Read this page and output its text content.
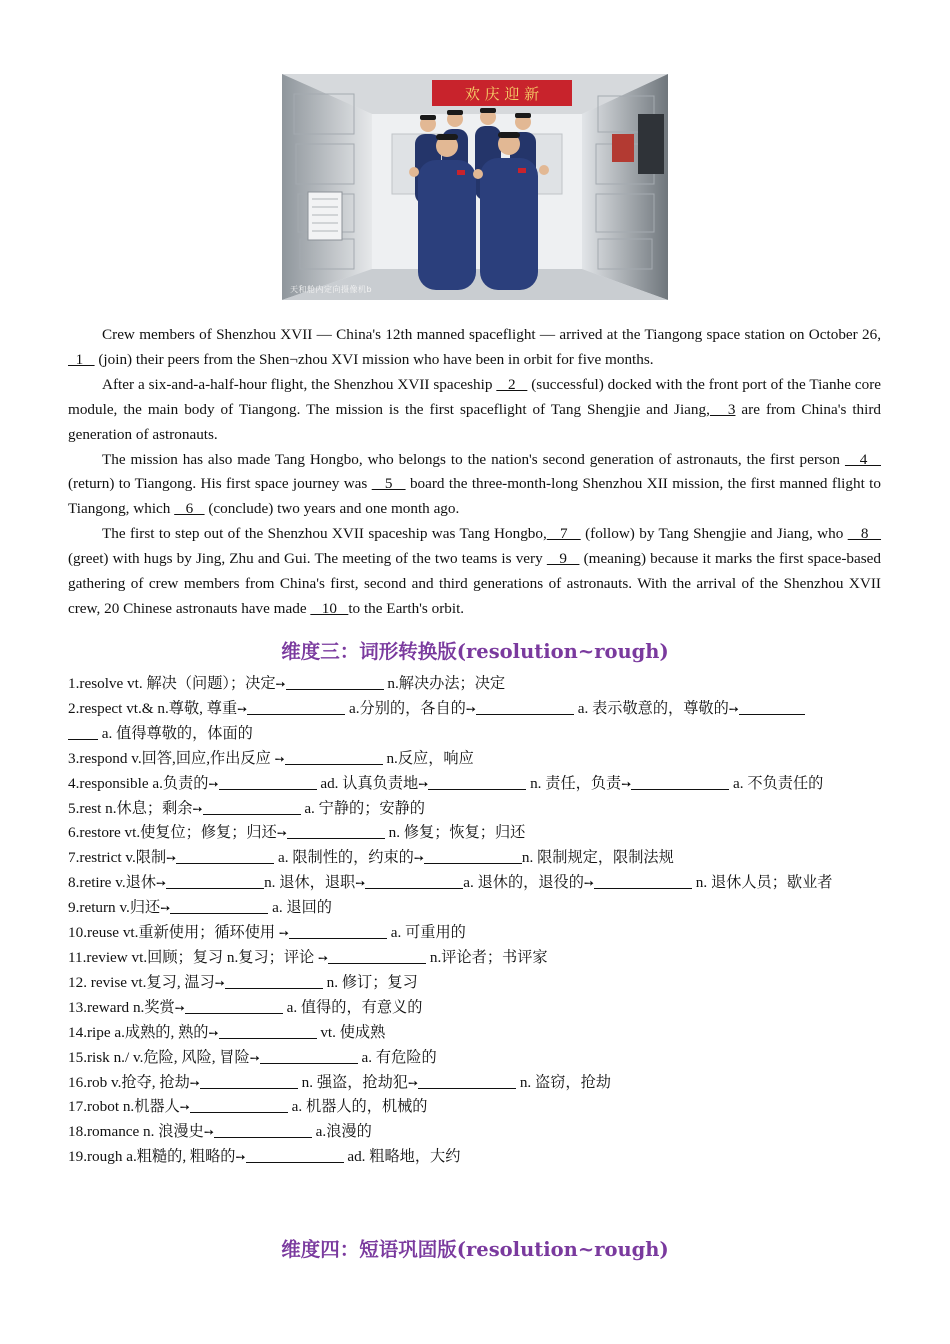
欢 庆 迎 新
天和舱内定向摄像机b

Crew members of Shenzhou XVII — China's 12th manned spaceflight — arrived at the Tiangong space station on October 26,   1    (join) their peers from the Shen¬zhou XVI mission who have been in orbit for five months.

After a six-and-a-half-hour flight, the Shenzhou XVII spaceship    2    (successful) docked with the front port of the Tianhe core module, the main body of Tiangong. The mission is the first spaceflight of Tang Shengjie and Jiang,   3 are from China's third generation of astronauts.

The mission has also made Tang Hongbo, who belongs to the nation's second generation of astronauts, the first person    4    (return) to Tiangong. His first space journey was    5    board the three-month-long Shenzhou XII mission, the first manned flight to Tiangong, which    6    (conclude) two years and one month ago.

The first to step out of the Shenzhou XVII spaceship was Tang Hongbo,   7    (follow) by Tang Shengjie and Jiang, who    8    (greet) with hugs by Jing, Zhu and Gui. The meeting of the two teams is very    9    (meaning) because it marks the first space-based gathering of crew members from China's first, second and third generations of astronauts. With the arrival of the Shenzhou XVII crew, 20 Chinese astronauts have made    10   to the Earth's orbit.

维度三：词形转换版(resolution~rough)
1.resolve vt. 解决（问题）；决定➙	n.解决办法；决定
2.respect vt.& n.尊敬, 尊重➙	a.分别的，各自的➙	a. 表示敬意的，尊敬的➙
a. 值得尊敬的，体面的
3.respond v.回答,回应,作出反应 ➙	n.反应，响应
4.responsible a.负责的➙	ad. 认真负责地➙	n. 责任，负责➙	a. 不负责任的
5.rest n.休息；剩余➙	a. 宁静的；安静的
6.restore vt.使复位；修复；归还➙	n. 修复；恢复；归还
7.restrict v.限制➙	a. 限制性的，约束的➙	n. 限制规定，限制法规
8.retire v.退休➙	n. 退休，退职➙	a. 退休的，退役的➙	n. 退休人员；歇业者
9.return v.归还➙	a. 退回的
10.reuse vt.重新使用；循环使用 ➙	a. 可重用的
11.review vt.回顾；复习 n.复习；评论 ➙	n.评论者；书评家
12. revise vt.复习, 温习➙	n. 修订；复习
13.reward n.奖赏➙	a. 值得的，有意义的
14.ripe a.成熟的, 熟的➙	vt. 使成熟
15.risk n./ v.危险, 风险, 冒险➙	a. 有危险的
16.rob v.抢夺, 抢劫➙	n. 强盗，抢劫犯➙	n. 盗窃，抢劫
17.robot n.机器人➙	a. 机器人的，机械的
18.romance n. 浪漫史➙	a.浪漫的
19.rough a.粗糙的, 粗略的➙	ad. 粗略地，大约
维度四：短语巩固版(resolution~rough)
